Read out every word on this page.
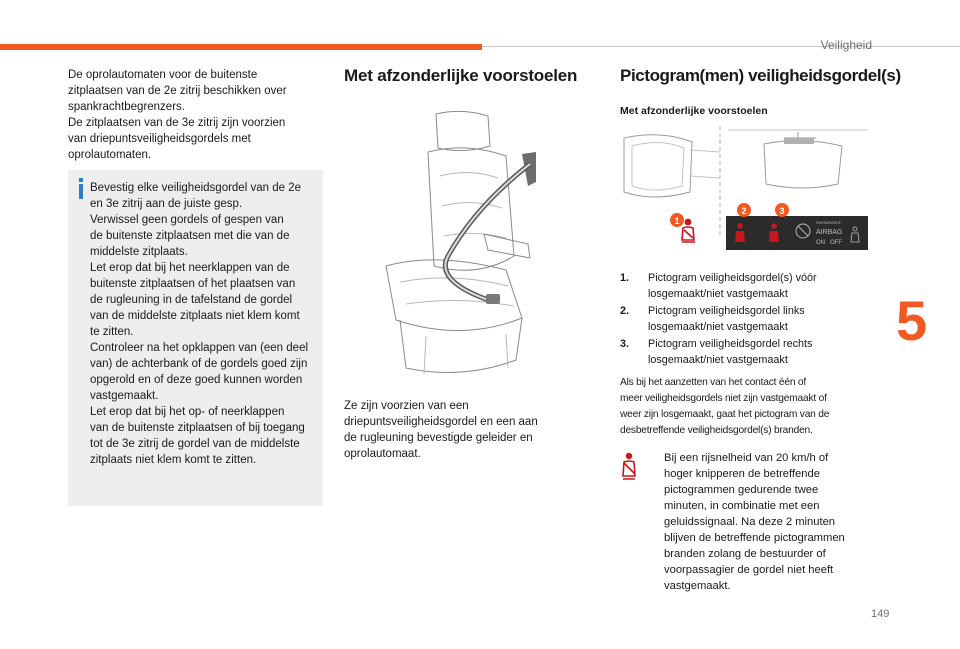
Veiligheid
5
149

De oprolautomaten voor de buitenste

zitplaatsen van de 2e zitrij beschikken over

spankrachtbegrenzers.

De zitplaatsen van de 3e zitrij zijn voorzien

van driepuntsveiligheidsgordels met

oprolautomaten.

Bevestig elke veiligheidsgordel van de 2e

en 3e zitrij aan de juiste gesp.

Verwissel geen gordels of gespen van

de buitenste zitplaatsen met die van de

middelste zitplaats.

Let erop dat bij het neerklappen van de

buitenste zitplaatsen of het plaatsen van

de rugleuning in de tafelstand de gordel

van de middelste zitplaats niet klem komt

te zitten.

Controleer na het opklappen van (een deel

van) de achterbank of de gordels goed zijn

opgerold en of deze goed kunnen worden

vastgemaakt.

Let erop dat bij het op- of neerklappen

van de buitenste zitplaatsen of bij toegang

tot de 3e zitrij de gordel van de middelste

zitplaats niet klem komt te zitten.

Met afzonderlijke voorstoelen
Ze zijn voorzien van een
driepuntsveiligheidsgordel en een aan
de rugleuning bevestigde geleider en
oprolautomaat.
Pictogram(men) veiligheidsgordel(s)
Met afzonderlijke voorstoelen
PASSENGER
AIRBAG
ON OFF
1
2	3
1.	Pictogram veiligheidsgordel(s) vóór
losgemaakt/niet vastgemaakt
2.	Pictogram veiligheidsgordel links
losgemaakt/niet vastgemaakt
3.	Pictogram veiligheidsgordel rechts
losgemaakt/niet vastgemaakt
Als bij het aanzetten van het contact één of
meer veiligheidsgordels niet zijn vastgemaakt of
weer zijn losgemaakt, gaat het pictogram van de
desbetreffende veiligheidsgordel(s) branden.
Bij een rijsnelheid van 20 km/h of
hoger knipperen de betreffende
pictogrammen gedurende twee
minuten, in combinatie met een
geluidssignaal. Na deze 2 minuten
blijven de betreffende pictogrammen
branden zolang de bestuurder of
voorpassagier de gordel niet heeft
vastgemaakt.
